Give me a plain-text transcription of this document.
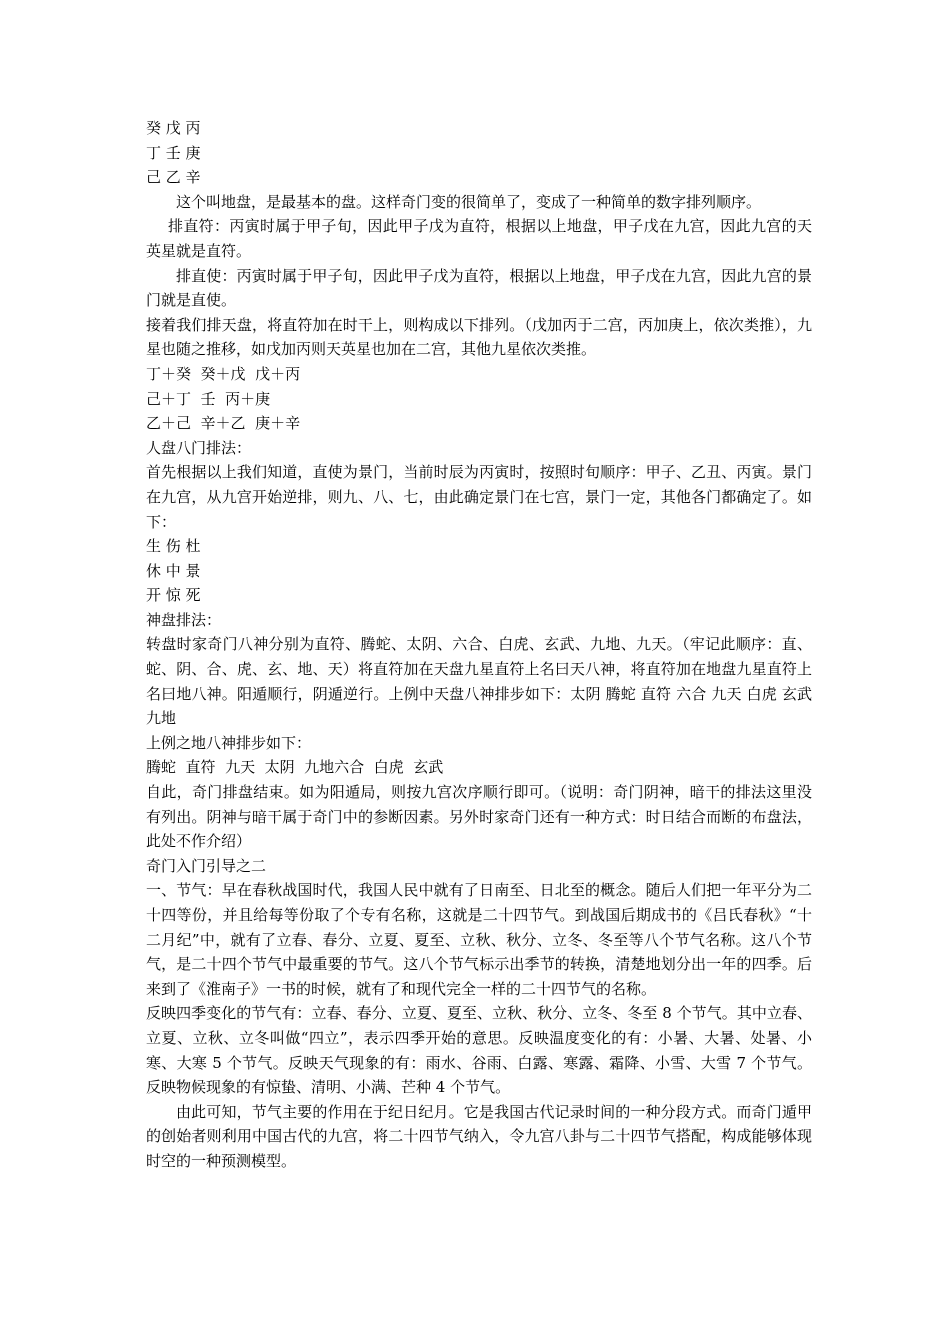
癸 戊 丙

丁 壬 庚

己 乙 辛

这个叫地盘，是最基本的盘。这样奇门变的很简单了，变成了一种简单的数字排列顺序。

排直符：丙寅时属于甲子旬，因此甲子戊为直符，根据以上地盘，甲子戊在九宫，因此九宫的天英星就是直符。

排直使：丙寅时属于甲子旬，因此甲子戊为直符，根据以上地盘，甲子戊在九宫，因此九宫的景门就是直使。

接着我们排天盘，将直符加在时干上，则构成以下排列。（戊加丙于二宫，丙加庚上，依次类推），九星也随之推移，如戊加丙则天英星也加在二宫，其他九星依次类推。

丁＋癸  癸＋戊  戊＋丙

己＋丁  壬  丙＋庚

乙＋己  辛＋乙  庚＋辛

人盘八门排法：

首先根据以上我们知道，直使为景门，当前时辰为丙寅时，按照时旬顺序：甲子、乙丑、丙寅。景门在九宫，从九宫开始逆排，则九、八、七，由此确定景门在七宫，景门一定，其他各门都确定了。如下：

生 伤 杜

休 中 景

开 惊 死

神盘排法：

转盘时家奇门八神分别为直符、腾蛇、太阴、六合、白虎、玄武、九地、九天。（牢记此顺序：直、蛇、阴、合、虎、玄、地、天）将直符加在天盘九星直符上名曰天八神，将直符加在地盘九星直符上名曰地八神。阳遁顺行，阴遁逆行。上例中天盘八神排步如下：太阴 腾蛇 直符 六合 九天 白虎 玄武 九地

上例之地八神排步如下：

腾蛇  直符  九天  太阴  九地六合  白虎  玄武

自此，奇门排盘结束。如为阳遁局，则按九宫次序顺行即可。（说明：奇门阴神，暗干的排法这里没有列出。阴神与暗干属于奇门中的参断因素。另外时家奇门还有一种方式：时日结合而断的布盘法，此处不作介绍）

奇门入门引导之二

一、节气：早在春秋战国时代，我国人民中就有了日南至、日北至的概念。随后人们把一年平分为二十四等份，并且给每等份取了个专有名称，这就是二十四节气。到战国后期成书的《吕氏春秋》“十二月纪”中，就有了立春、春分、立夏、夏至、立秋、秋分、立冬、冬至等八个节气名称。这八个节气，是二十四个节气中最重要的节气。这八个节气标示出季节的转换，清楚地划分出一年的四季。后来到了《淮南子》一书的时候，就有了和现代完全一样的二十四节气的名称。

反映四季变化的节气有：立春、春分、立夏、夏至、立秋、秋分、立冬、冬至 8 个节气。其中立春、立夏、立秋、立冬叫做“四立”，表示四季开始的意思。反映温度变化的有：小暑、大暑、处暑、小寒、大寒 5 个节气。反映天气现象的有：雨水、谷雨、白露、寒露、霜降、小雪、大雪 7 个节气。反映物候现象的有惊蛰、清明、小满、芒种 4 个节气。

由此可知，节气主要的作用在于纪日纪月。它是我国古代记录时间的一种分段方式。而奇门遁甲的创始者则利用中国古代的九宫，将二十四节气纳入，令九宫八卦与二十四节气搭配，构成能够体现时空的一种预测模型。
